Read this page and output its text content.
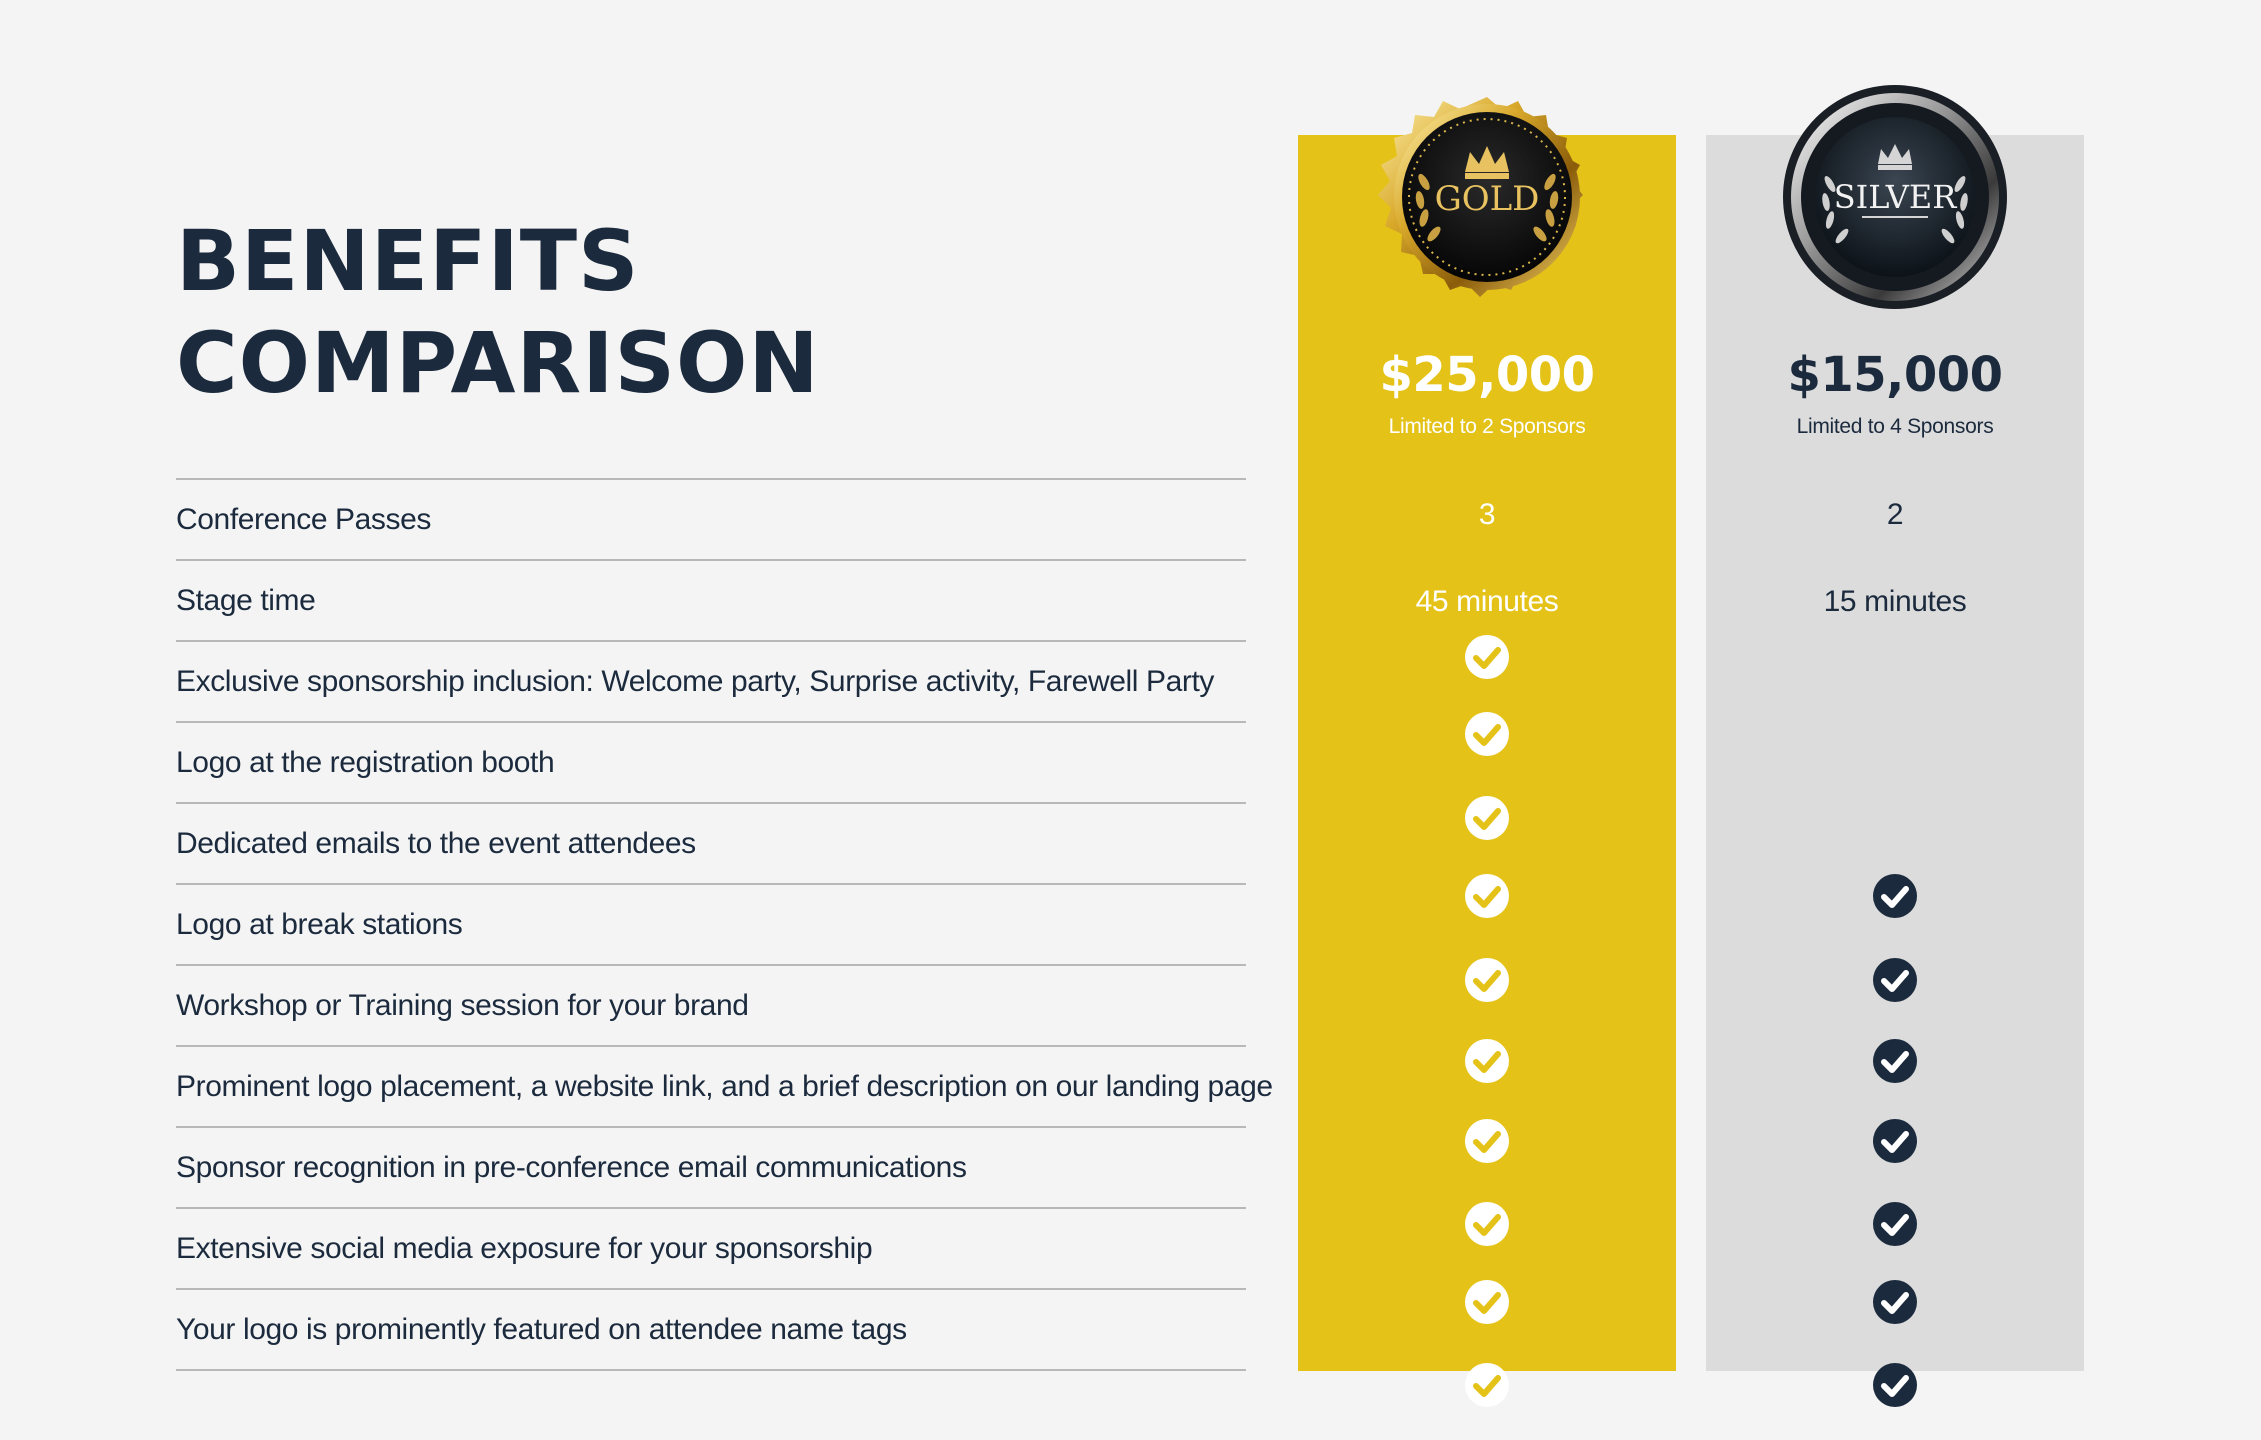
BENEFITS
COMPARISON
Conference Passes
Stage time
Exclusive sponsorship inclusion: Welcome party, Surprise activity, Farewell Party
Logo at the registration booth
Dedicated emails to the event attendees
Logo at break stations
Workshop or Training session for your brand
Prominent logo placement, a website link, and a brief description on our landing page
Sponsor recognition in pre-conference email communications
Extensive social media exposure for your sponsorship
Your logo is prominently featured on attendee name tags
GOLD
$25,000
Limited to 2 Sponsors
3
45 minutes
SILVER
$15,000
Limited to 4 Sponsors
2
15 minutes
